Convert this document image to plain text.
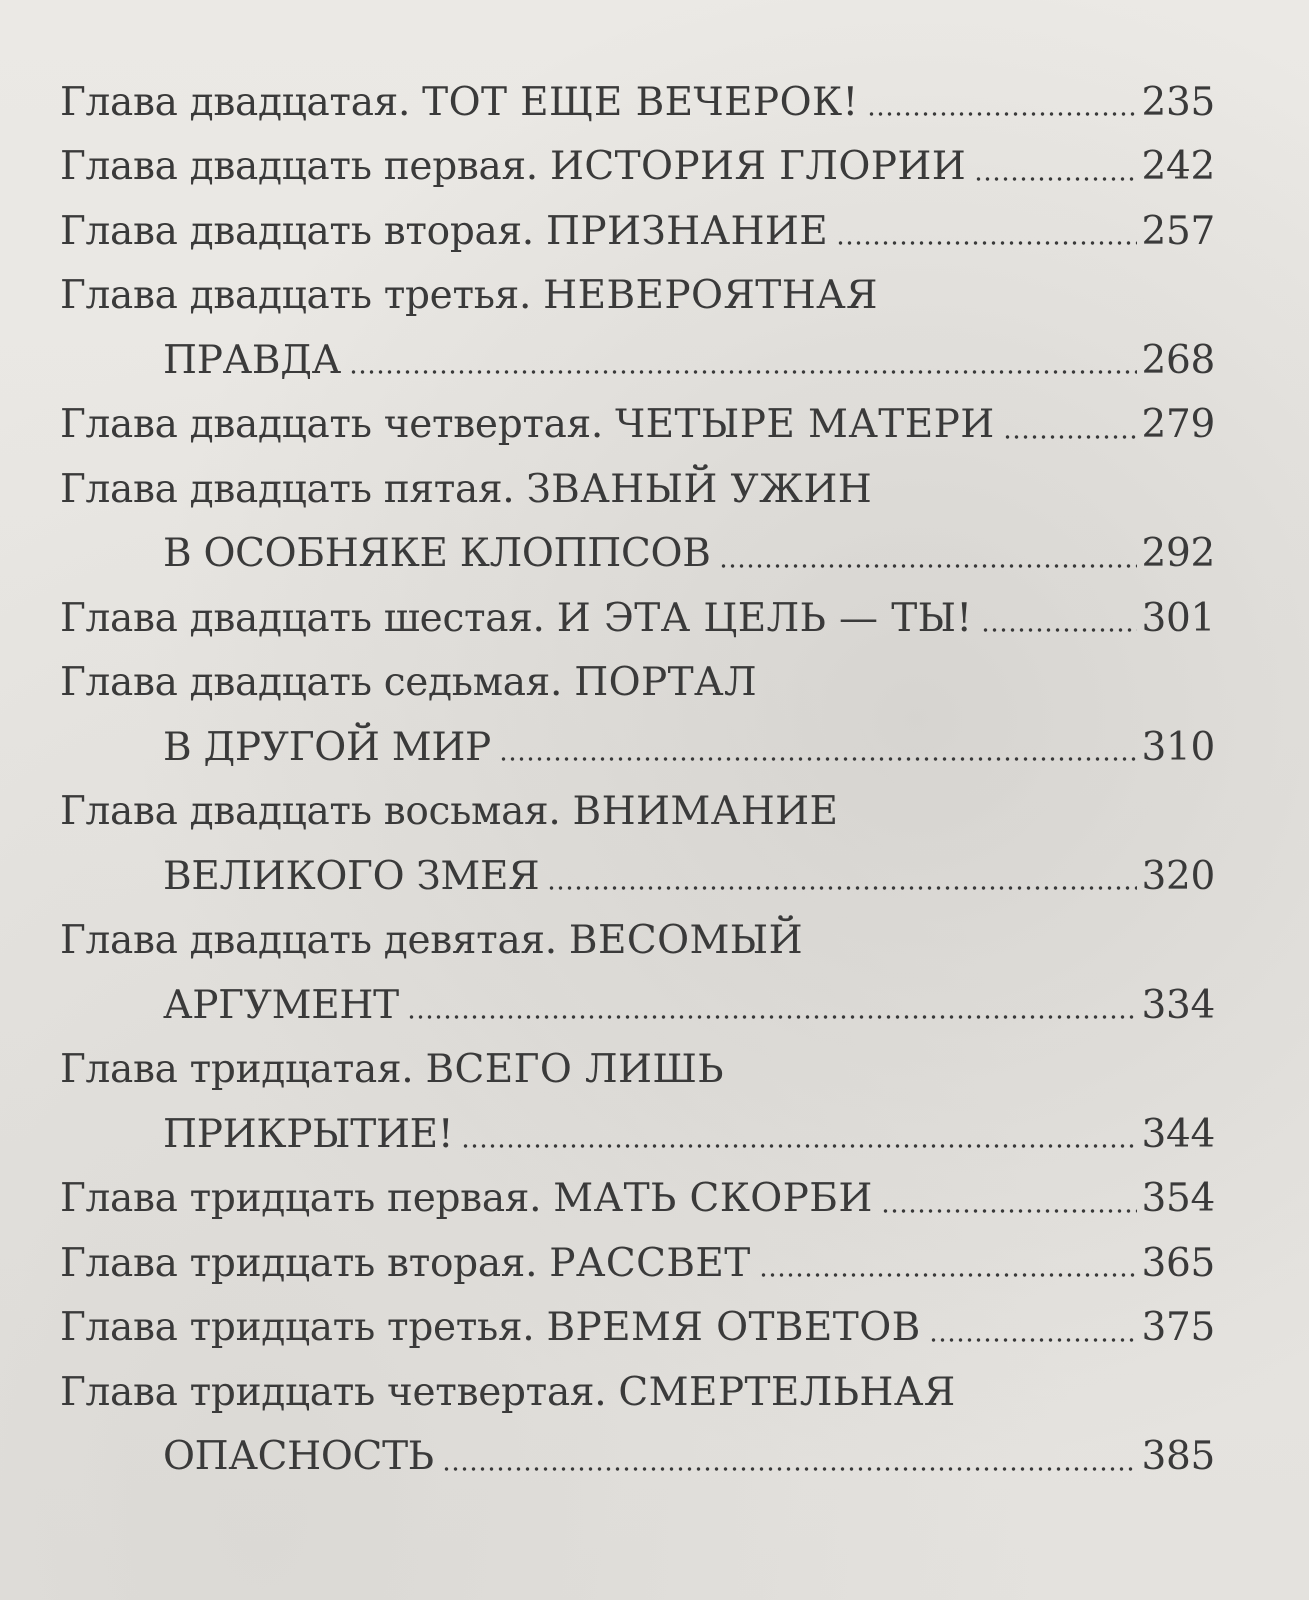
Глава двадцатая. ТОТ ЕЩЕ ВЕЧЕРОК!	235
Глава двадцать первая. ИСТОРИЯ ГЛОРИИ	242
Глава двадцать вторая. ПРИЗНАНИЕ	257
Глава двадцать третья. НЕВЕРОЯТНАЯ
ПРАВДА	268
Глава двадцать четвертая. ЧЕТЫРЕ МАТЕРИ	279
Глава двадцать пятая. ЗВАНЫЙ УЖИН
В ОСОБНЯКЕ КЛОППСОВ	292
Глава двадцать шестая. И ЭТА ЦЕЛЬ — ТЫ!	301
Глава двадцать седьмая. ПОРТАЛ
В ДРУГОЙ МИР	310
Глава двадцать восьмая. ВНИМАНИЕ
ВЕЛИКОГО ЗМЕЯ	320
Глава двадцать девятая. ВЕСОМЫЙ
АРГУМЕНТ	334
Глава тридцатая. ВСЕГО ЛИШЬ
ПРИКРЫТИЕ!	344
Глава тридцать первая. МАТЬ СКОРБИ	354
Глава тридцать вторая. РАССВЕТ	365
Глава тридцать третья. ВРЕМЯ ОТВЕТОВ	375
Глава тридцать четвертая. СМЕРТЕЛЬНАЯ
ОПАСНОСТЬ	385
